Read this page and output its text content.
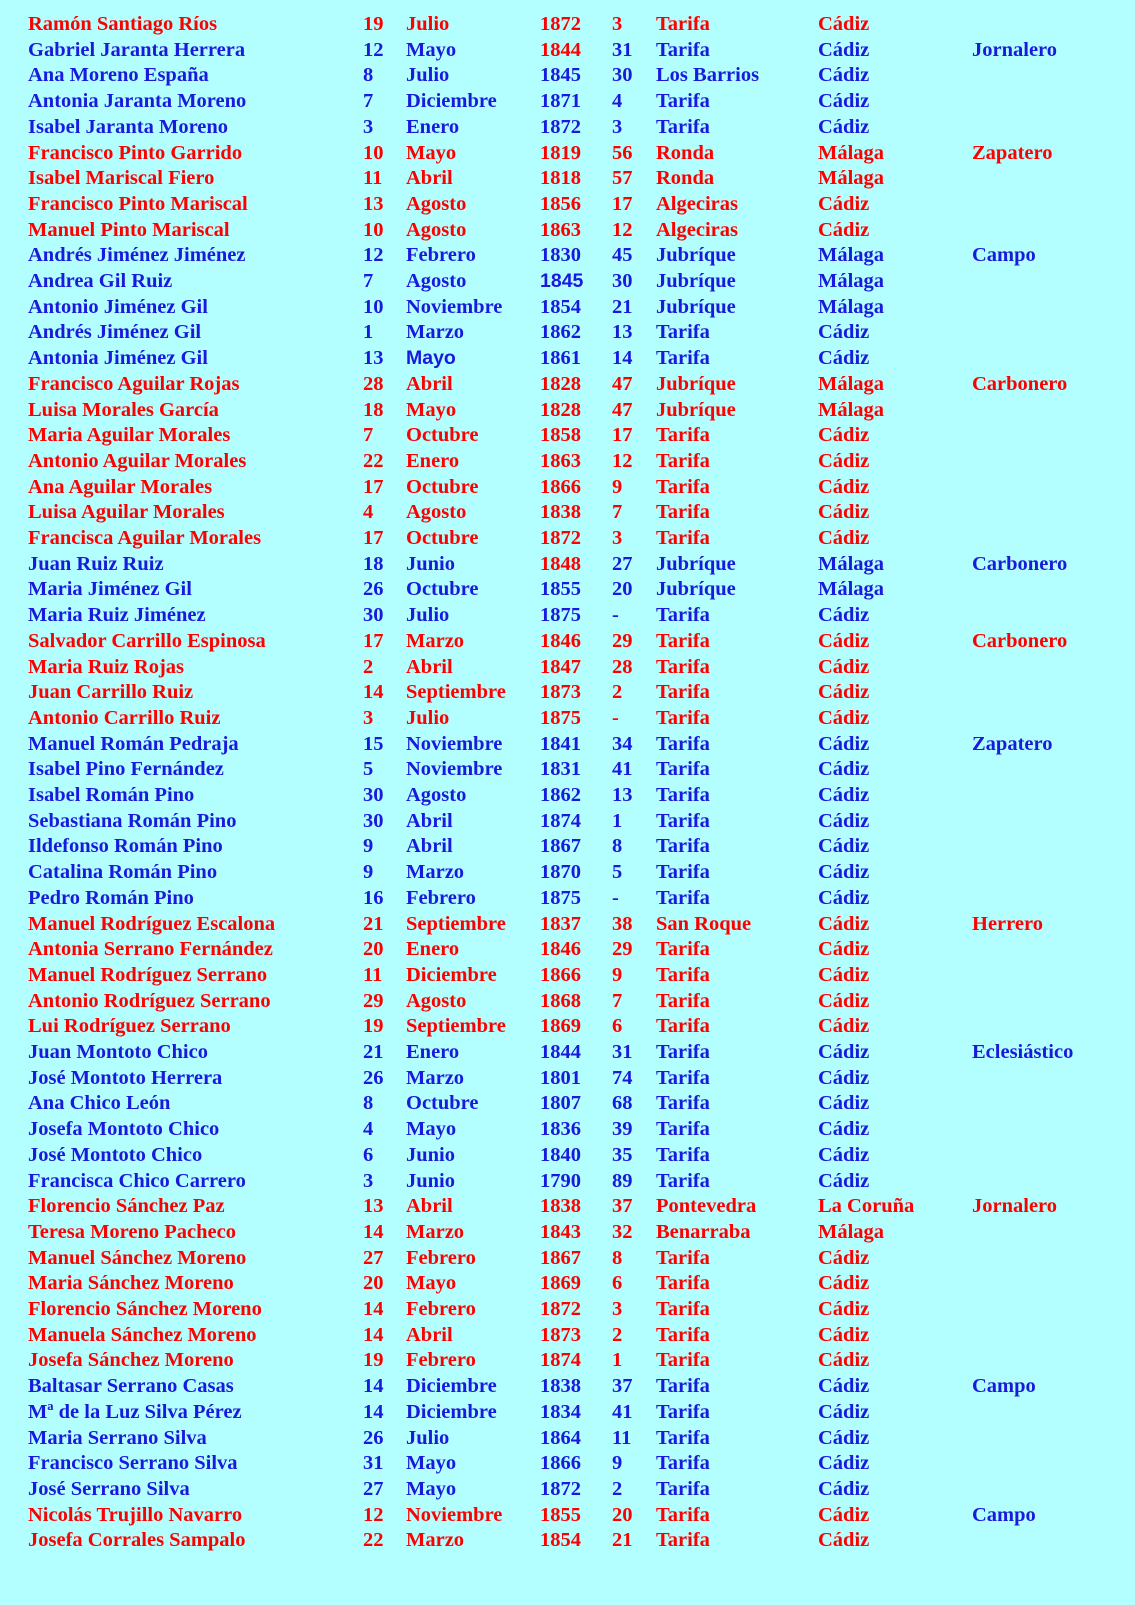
Ramón Santiago Ríos	19 Julio	1872 3 Tarifa	Cádiz
Gabriel Jaranta Herrera	12 Mayo	1844 31 Tarifa	Cádiz	Jornalero
Ana Moreno España	8 Julio	1845 30 Los Barrios	Cádiz
Antonia Jaranta Moreno	7 Diciembre 1871 4 Tarifa	Cádiz
Isabel Jaranta Moreno	3 Enero	1872 3 Tarifa	Cádiz
Francisco Pinto Garrido	10 Mayo	1819 56 Ronda	Málaga	Zapatero
Isabel Mariscal Fiero	11 Abril	1818 57 Ronda	Málaga
Francisco Pinto Mariscal	13 Agosto	1856 17 Algeciras	Cádiz
Manuel Pinto Mariscal	10 Agosto	1863 12 Algeciras	Cádiz
Andrés Jiménez Jiménez	12 Febrero	1830 45 Jubríque	Málaga	Campo
Andrea Gil Ruiz	7 Agosto	1845 30 Jubríque	Málaga
Antonio Jiménez Gil	10 Noviembre 1854 21 Jubríque	Málaga
Andrés Jiménez Gil	1 Marzo	1862 13 Tarifa	Cádiz
Antonia Jiménez Gil	13 Mayo	1861 14 Tarifa	Cádiz
Francisco Aguilar Rojas	28 Abril	1828 47 Jubríque	Málaga	Carbonero
Luisa Morales García	18 Mayo	1828 47 Jubríque	Málaga
Maria Aguilar Morales	7 Octubre	1858 17 Tarifa	Cádiz
Antonio Aguilar Morales	22 Enero	1863 12 Tarifa	Cádiz
Ana Aguilar Morales	17 Octubre	1866 9 Tarifa	Cádiz
Luisa Aguilar Morales	4 Agosto	1838 7 Tarifa	Cádiz
Francisca Aguilar Morales	17 Octubre	1872 3 Tarifa	Cádiz
Juan Ruiz Ruiz	18 Junio	1848 27 Jubríque	Málaga	Carbonero
Maria Jiménez Gil	26 Octubre	1855 20 Jubríque	Málaga
Maria Ruiz Jiménez	30 Julio	1875 - Tarifa	Cádiz
Salvador Carrillo Espinosa	17 Marzo	1846 29 Tarifa	Cádiz	Carbonero
Maria Ruiz Rojas	2 Abril	1847 28 Tarifa	Cádiz
Juan Carrillo Ruiz	14 Septiembre 1873 2 Tarifa	Cádiz
Antonio Carrillo Ruiz	3 Julio	1875 - Tarifa	Cádiz
Manuel Román Pedraja	15 Noviembre 1841 34 Tarifa	Cádiz	Zapatero
Isabel Pino Fernández	5 Noviembre 1831 41 Tarifa	Cádiz
Isabel Román Pino	30 Agosto	1862 13 Tarifa	Cádiz
Sebastiana Román Pino	30 Abril	1874 1 Tarifa	Cádiz
Ildefonso Román Pino	9 Abril	1867 8 Tarifa	Cádiz
Catalina Román Pino	9 Marzo	1870 5 Tarifa	Cádiz
Pedro Román Pino	16 Febrero	1875 - Tarifa	Cádiz
Manuel Rodríguez Escalona	21 Septiembre 1837 38 San Roque	Cádiz	Herrero
Antonia Serrano Fernández	20 Enero	1846 29 Tarifa	Cádiz
Manuel Rodríguez Serrano	11 Diciembre 1866 9 Tarifa	Cádiz
Antonio Rodríguez Serrano	29 Agosto	1868 7 Tarifa	Cádiz
Lui Rodríguez Serrano	19 Septiembre 1869 6 Tarifa	Cádiz
Juan Montoto Chico	21 Enero	1844 31 Tarifa	Cádiz	Eclesiástico
José Montoto Herrera	26 Marzo	1801 74 Tarifa	Cádiz
Ana Chico León	8 Octubre	1807 68 Tarifa	Cádiz
Josefa Montoto Chico	4 Mayo	1836 39 Tarifa	Cádiz
José Montoto Chico	6 Junio	1840 35 Tarifa	Cádiz
Francisca Chico Carrero	3 Junio	1790 89 Tarifa	Cádiz
Florencio Sánchez Paz	13 Abril	1838 37 Pontevedra	La Coruña	Jornalero
Teresa Moreno Pacheco	14 Marzo	1843 32 Benarraba	Málaga
Manuel Sánchez Moreno	27 Febrero	1867 8 Tarifa	Cádiz
Maria Sánchez Moreno	20 Mayo	1869 6 Tarifa	Cádiz
Florencio Sánchez Moreno	14 Febrero	1872 3 Tarifa	Cádiz
Manuela Sánchez Moreno	14 Abril	1873 2 Tarifa	Cádiz
Josefa Sánchez Moreno	19 Febrero	1874 1 Tarifa	Cádiz
Baltasar Serrano Casas	14 Diciembre 1838 37 Tarifa	Cádiz	Campo
Mª de la Luz Silva Pérez	14 Diciembre 1834 41 Tarifa	Cádiz
Maria Serrano Silva	26 Julio	1864 11 Tarifa	Cádiz
Francisco Serrano Silva	31 Mayo	1866 9 Tarifa	Cádiz
José Serrano Silva	27 Mayo	1872 2 Tarifa	Cádiz
Nicolás Trujillo Navarro	12 Noviembre 1855 20 Tarifa	Cádiz	Campo
Josefa Corrales Sampalo	22 Marzo	1854 21 Tarifa	Cádiz
